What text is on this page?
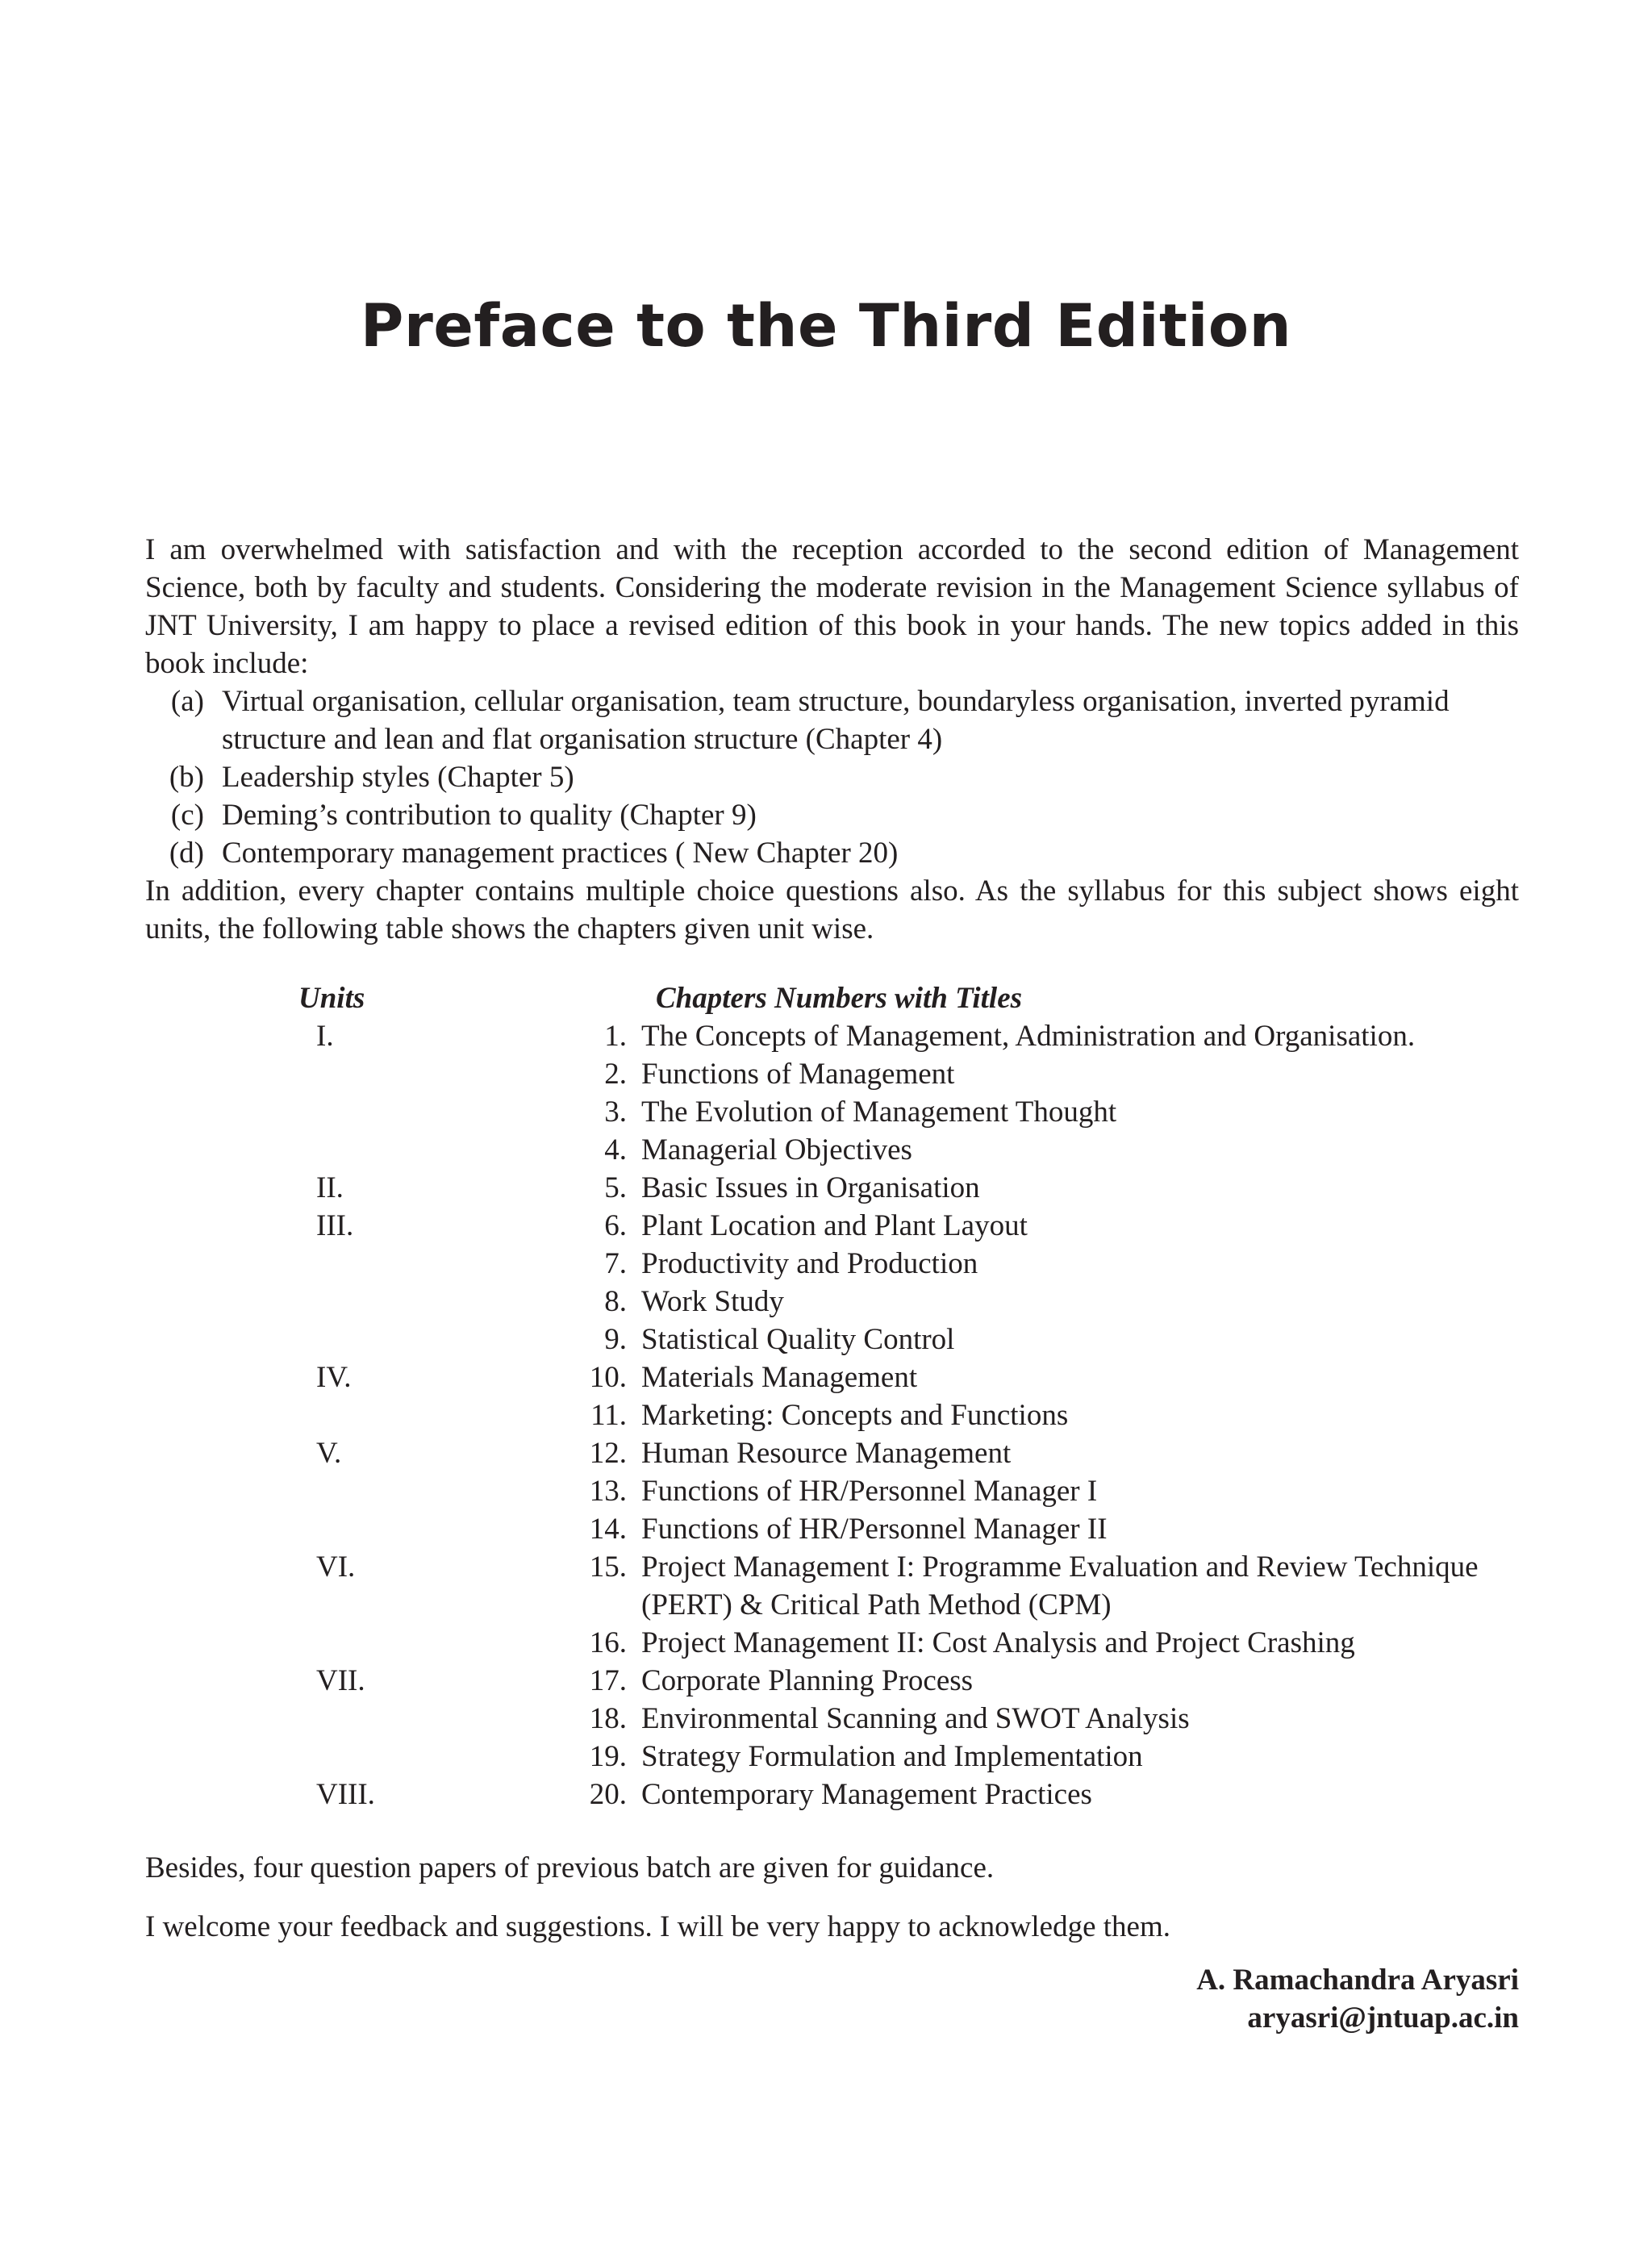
Preface to the Third Edition

I am overwhelmed with satisfaction and with the reception accorded to the second edition of Management Science, both by faculty and students. Considering the moderate revision in the Management Science syllabus of JNT University, I am happy to place a revised edition of this book in your hands. The new topics added in this book include:

(a) Virtual organisation, cellular organisation, team structure, boundaryless organisation, inverted pyramid structure and lean and flat organisation structure (Chapter 4)
(b) Leadership styles (Chapter 5)
(c) Deming’s contribution to quality (Chapter 9)
(d) Contemporary management practices ( New Chapter 20)

In addition, every chapter contains multiple choice questions also. As the syllabus for this subject shows eight units, the following table shows the chapters given unit wise.

Units	Chapters Numbers with Titles
I.	1. The Concepts of Management, Administration and Organisation.
2. Functions of Management
3. The Evolution of Management Thought
4. Managerial Objectives
II.	5. Basic Issues in Organisation
III.	6. Plant Location and Plant Layout
7. Productivity and Production
8. Work Study
9. Statistical Quality Control
IV.	10. Materials Management
11. Marketing: Concepts and Functions
V.	12. Human Resource Management
13. Functions of HR/Personnel Manager I
14. Functions of HR/Personnel Manager II
VI.	15. Project Management I: Programme Evaluation and Review Technique (PERT) & Critical Path Method (CPM)
16. Project Management II: Cost Analysis and Project Crashing
VII.	17. Corporate Planning Process
18. Environmental Scanning and SWOT Analysis
19. Strategy Formulation and Implementation
VIII.	20. Contemporary Management Practices

Besides, four question papers of previous batch are given for guidance.

I welcome your feedback and suggestions. I will be very happy to acknowledge them.

A. Ramachandra Aryasri
aryasri@jntuap.ac.in
